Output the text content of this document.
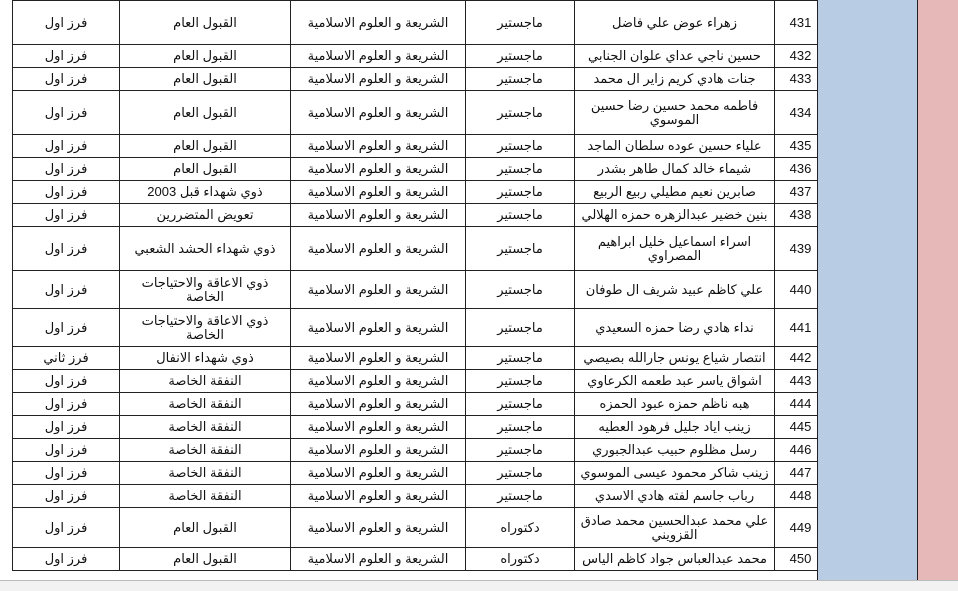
فرز اول	القبول العام	الشريعة و العلوم الاسلامية	ماجستير	زهراء عوض علي فاضل	431
فرز اول	القبول العام	الشريعة و العلوم الاسلامية	ماجستير	حسين ناجي عداي علوان الجنابي	432
فرز اول	القبول العام	الشريعة و العلوم الاسلامية	ماجستير	جنات هادي كريم زاير ال محمد	433
فرز اول	القبول العام	الشريعة و العلوم الاسلامية	ماجستير	فاطمه محمد حسين رضا حسين الموسوي	434
فرز اول	القبول العام	الشريعة و العلوم الاسلامية	ماجستير	علياء حسين عوده سلطان الماجد	435
فرز اول	القبول العام	الشريعة و العلوم الاسلامية	ماجستير	شيماء خالد كمال طاهر بشدر	436
فرز اول	ذوي شهداء قبل 2003	الشريعة و العلوم الاسلامية	ماجستير	صابرين نعيم مطيلي ربيع الربيع	437
فرز اول	تعويض المتضررين	الشريعة و العلوم الاسلامية	ماجستير	بنين خضير عبدالزهره حمزه الهلالي	438
فرز اول	ذوي شهداء الحشد الشعبي	الشريعة و العلوم الاسلامية	ماجستير	اسراء اسماعيل خليل ابراهيم المصراوي	439
فرز اول	ذوي الاعاقة والاحتياجات الخاصة	الشريعة و العلوم الاسلامية	ماجستير	علي كاظم عبيد شريف ال طوفان	440
فرز اول	ذوي الاعاقة والاحتياجات الخاصة	الشريعة و العلوم الاسلامية	ماجستير	نداء هادي رضا حمزه السعيدي	441
فرز ثاني	ذوي شهداء الانفال	الشريعة و العلوم الاسلامية	ماجستير	انتصار شياع يونس جارالله بصيصي	442
فرز اول	النفقة الخاصة	الشريعة و العلوم الاسلامية	ماجستير	اشواق ياسر عبد طعمه الكرعاوي	443
فرز اول	النفقة الخاصة	الشريعة و العلوم الاسلامية	ماجستير	هبه ناظم حمزه عبود الحمزه	444
فرز اول	النفقة الخاصة	الشريعة و العلوم الاسلامية	ماجستير	زينب اياد جليل فرهود العطيه	445
فرز اول	النفقة الخاصة	الشريعة و العلوم الاسلامية	ماجستير	رسل مظلوم حبيب عبدالجبوري	446
فرز اول	النفقة الخاصة	الشريعة و العلوم الاسلامية	ماجستير	زينب شاكر محمود عيسى الموسوي	447
فرز اول	النفقة الخاصة	الشريعة و العلوم الاسلامية	ماجستير	رباب جاسم لفته هادي الاسدي	448
فرز اول	القبول العام	الشريعة و العلوم الاسلامية	دكتوراه	علي محمد عبدالحسين محمد صادق القزويني	449
فرز اول	القبول العام	الشريعة و العلوم الاسلامية	دكتوراه	محمد عبدالعباس جواد كاظم الياس	450
